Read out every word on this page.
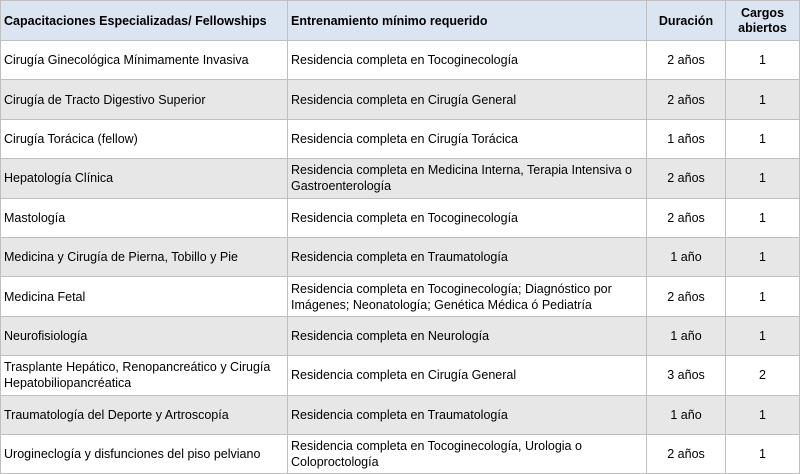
Capacitaciones Especializadas/ Fellowships	Entrenamiento mínimo requerido	Duración	Cargos abiertos
Cirugía Ginecológica Mínimamente Invasiva	Residencia completa en Tocoginecología	2 años	1
Cirugía de Tracto Digestivo Superior	Residencia completa en Cirugía General	2 años	1
Cirugía Torácica (fellow)	Residencia completa en Cirugía Torácica	1 años	1
Hepatología Clínica	Residencia completa en Medicina Interna, Terapia Intensiva o Gastroenterología	2 años	1
Mastología	Residencia completa en Tocoginecología	2 años	1
Medicina y Cirugía de Pierna, Tobillo y Pie	Residencia completa en Traumatología	1 año	1
Medicina Fetal	Residencia completa en Tocoginecología; Diagnóstico por Imágenes; Neonatología; Genética Médica ó Pediatría	2 años	1
Neurofisiología	Residencia completa en Neurología	1 año	1
Trasplante Hepático, Renopancreático y Cirugía Hepatobiliopancréatica	Residencia completa en Cirugía General	3 años	2
Traumatología del Deporte y Artroscopía	Residencia completa en Traumatología	1 año	1
Urogineclogía y disfunciones del piso pelviano	Residencia completa en Tocoginecología, Urologia o Coloproctología	2 años	1
